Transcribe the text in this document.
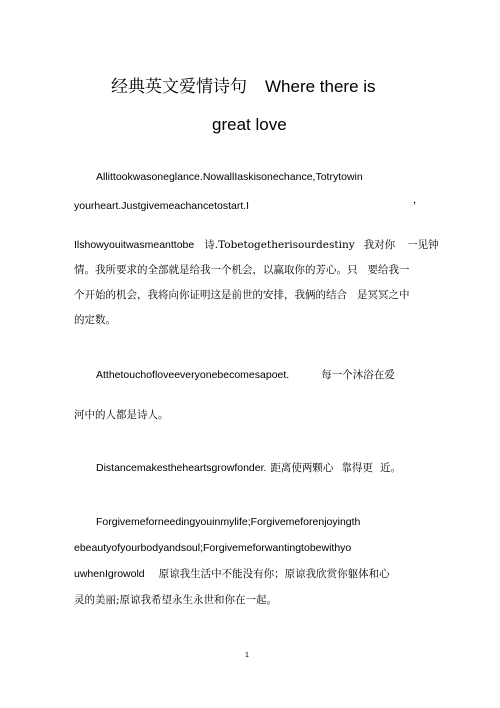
经典英文爱情诗句 Where there is
great love
Allittookwasoneglance.NowallIaskisonechance,Totrytowin
yourheart.Justgivemeachancetostart.I	，
Ilshowyouitwasmeanttobe 诗.Tobetogetherisourdestiny 我对你 一见钟
情。我所要求的全部就是给我一个机会，以赢取你的芳心。只 要给我一
个开始的机会，我将向你证明这是前世的安排，我俩的结合 是冥冥之中
的定数。
Atthetouchofloveeveryonebecomesapoet.	每一个沐浴在爱
河中的人都是诗人。
Distancemakestheheartsgrowfonder. 距离使两颗心 靠得更 近。
Forgivemeforneedingyouinmylife;Forgivemeforenjoyingth
ebeautyofyourbodyandsoul;Forgivemeforwantingtobewithyo
uwhenIgrowold 原谅我生活中不能没有你；原谅我欣赏你躯体和心
灵的美丽;原谅我希望永生永世和你在一起。
1
